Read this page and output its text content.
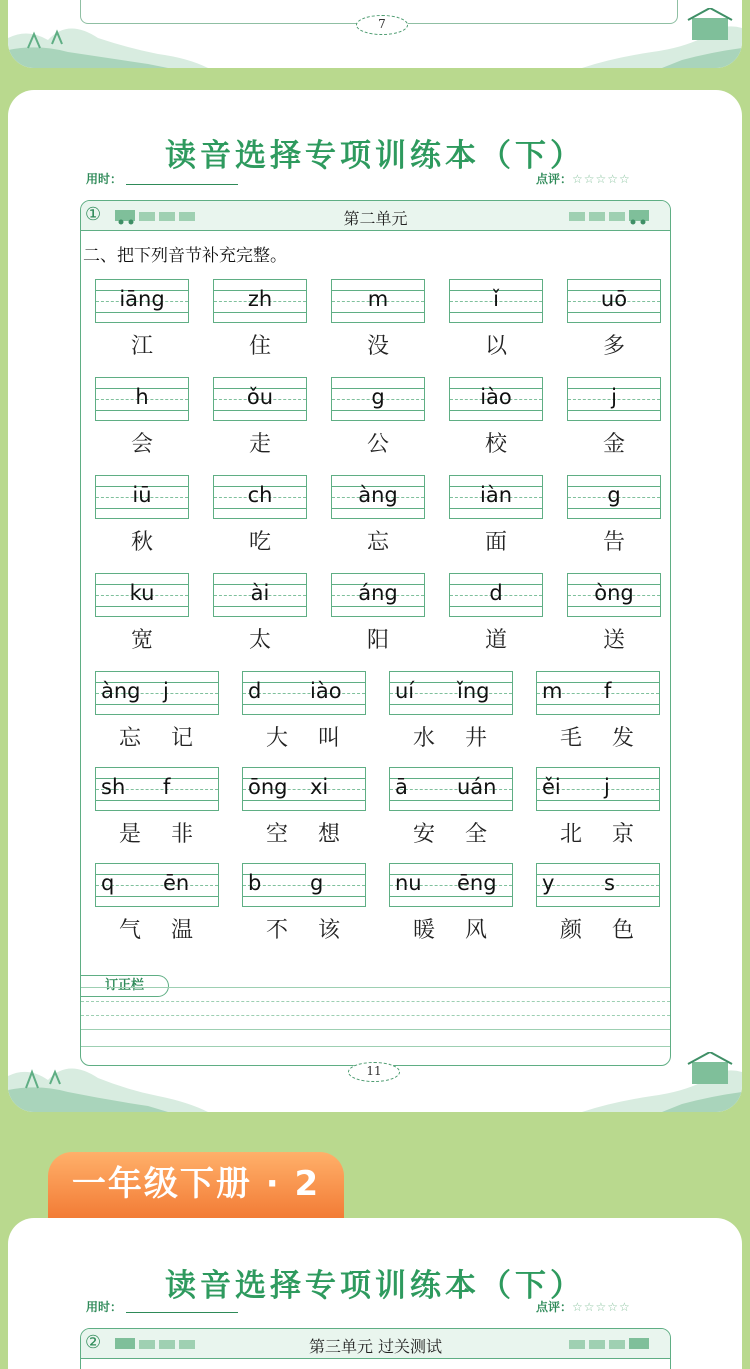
7
读音选择专项训练本（下）
用时：	点评：☆☆☆☆☆
①	第二单元
二、把下列音节补充完整。
iāng
江
zh
住
m
没
ǐ
以
uō
多
h
会
ǒu
走
g
公
iào
校
j
金
iū
秋
ch
吃
àng
忘
iàn
面
g
告
ku
宽
ài
太
áng
阳
d
道
òng
送
àng j
忘 记
d iào
大 叫
uí ǐng
水 井
m f
毛 发
sh f
是 非
ōng xi
空 想
ā uán
安 全
ěi j
北 京
q ēn
气 温
b g
不 该
nu ēng
暖 风
y s
颜 色
订正栏
11
一年级下册 · 2
读音选择专项训练本（下）
用时：	点评：☆☆☆☆☆
②	第三单元 过关测试
